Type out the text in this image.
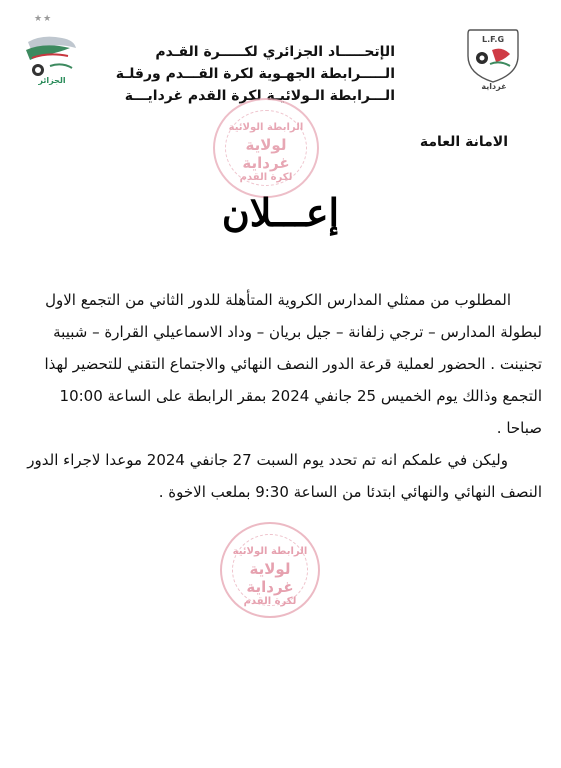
★★
الجزائر
L.F.G
غرداية
الإتحـــــاد الجزائري لكـــــرة القـدم
الـــــرابطة الجهـوية لكرة القـــدم ورقلـة
الـــرابطة الـولائيـة لكرة القدم غردايـــة
الرابطة الولائية
لولاية
غرداية
لكرة القدم
الامانة العامة
إعـــلان
المطلوب من ممثلي المدارس الكروية المتأهلة للدور الثاني من التجمع الاول
لبطولة المدارس – ترجي زلفانة – جيل بريان – وداد الاسماعيلي القرارة – شبيبة
تجنينت . الحضور لعملية قرعة الدور النصف النهائي والاجتماع التقني للتحضير لهذا
التجمع وذالك يوم الخميس 25 جانفي 2024 بمقر الرابطة على الساعة 10:00
صباحا .
وليكن في علمكم انه تم تحدد يوم السبت 27 جانفي 2024 موعدا لاجراء الدور
النصف النهائي والنهائي ابتدئا من الساعة 9:30 بملعب الاخوة .
الرابطة الولائية
لولاية
غرداية
لكرة القدم
